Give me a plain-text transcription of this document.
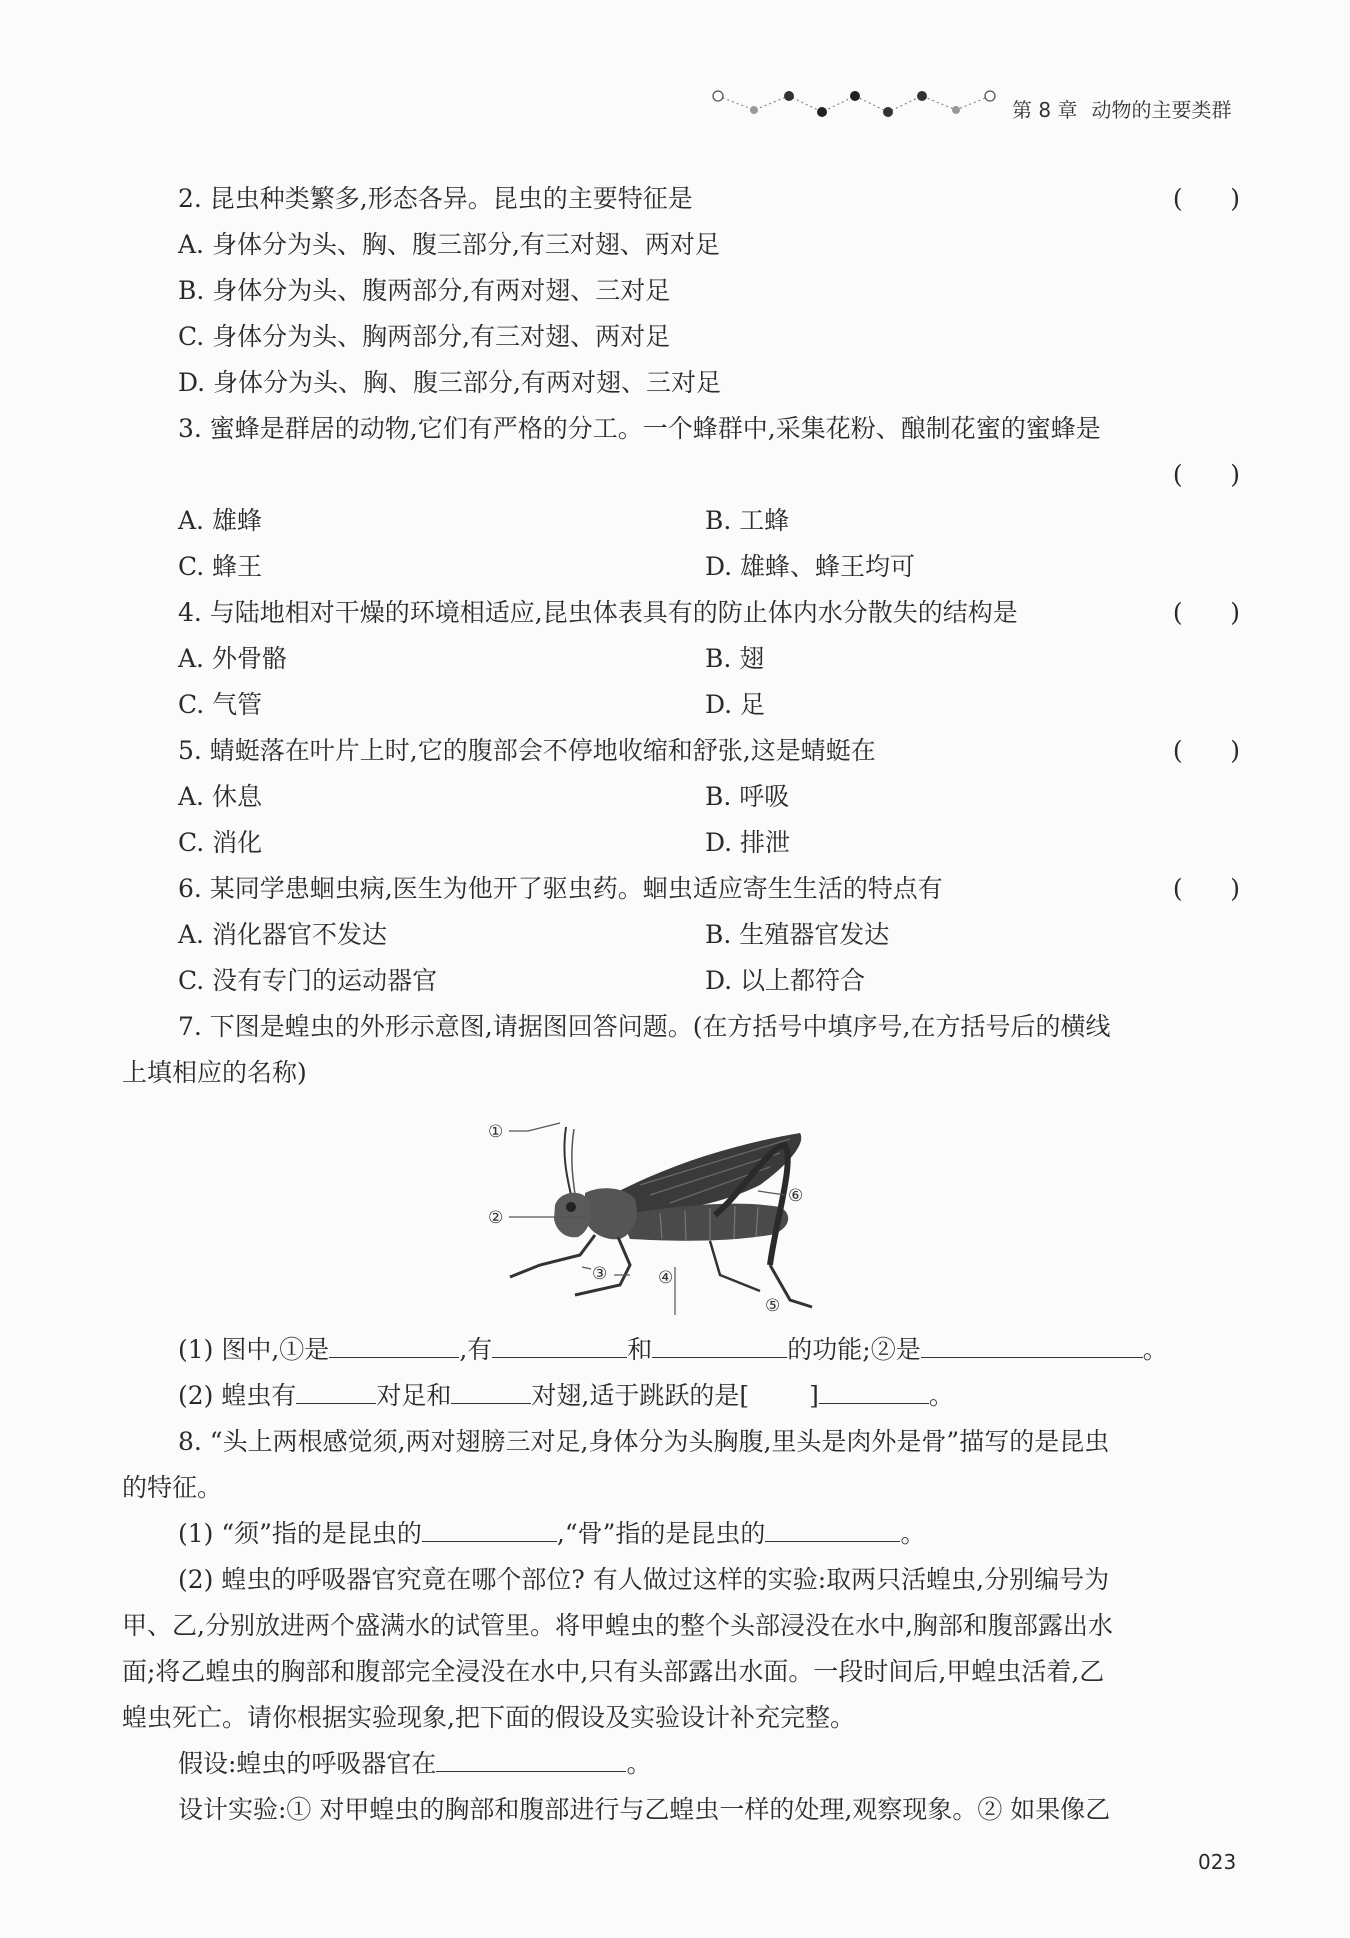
第 8 章 动物的主要类群
2. 昆虫种类繁多,形态各异。昆虫的主要特征是	(      )
A. 身体分为头、胸、腹三部分,有三对翅、两对足
B. 身体分为头、腹两部分,有两对翅、三对足
C. 身体分为头、胸两部分,有三对翅、两对足
D. 身体分为头、胸、腹三部分,有两对翅、三对足
3. 蜜蜂是群居的动物,它们有严格的分工。一个蜂群中,采集花粉、酿制花蜜的蜜蜂是
(      )
A. 雄蜂	B. 工蜂
C. 蜂王	D. 雄蜂、蜂王均可
4. 与陆地相对干燥的环境相适应,昆虫体表具有的防止体内水分散失的结构是	(      )
A. 外骨骼	B. 翅
C. 气管	D. 足
5. 蜻蜓落在叶片上时,它的腹部会不停地收缩和舒张,这是蜻蜓在	(      )
A. 休息	B. 呼吸
C. 消化	D. 排泄
6. 某同学患蛔虫病,医生为他开了驱虫药。蛔虫适应寄生生活的特点有	(      )
A. 消化器官不发达	B. 生殖器官发达
C. 没有专门的运动器官	D. 以上都符合
7. 下图是蝗虫的外形示意图,请据图回答问题。(在方括号中填序号,在方括号后的横线
上填相应的名称)
①
②
③	④
⑤
⑥
(1) 图中,①是	,有	和	的功能;②是	。
(2) 蝗虫有	对足和	对翅,适于跳跃的是[ ]	。
8. “头上两根感觉须,两对翅膀三对足,身体分为头胸腹,里头是肉外是骨”描写的是昆虫
的特征。
(1) “须”指的是昆虫的	,“骨”指的是昆虫的	。
(2) 蝗虫的呼吸器官究竟在哪个部位? 有人做过这样的实验:取两只活蝗虫,分别编号为
甲、乙,分别放进两个盛满水的试管里。将甲蝗虫的整个头部浸没在水中,胸部和腹部露出水
面;将乙蝗虫的胸部和腹部完全浸没在水中,只有头部露出水面。一段时间后,甲蝗虫活着,乙
蝗虫死亡。请你根据实验现象,把下面的假设及实验设计补充完整。
假设:蝗虫的呼吸器官在	。
设计实验:① 对甲蝗虫的胸部和腹部进行与乙蝗虫一样的处理,观察现象。② 如果像乙
023
